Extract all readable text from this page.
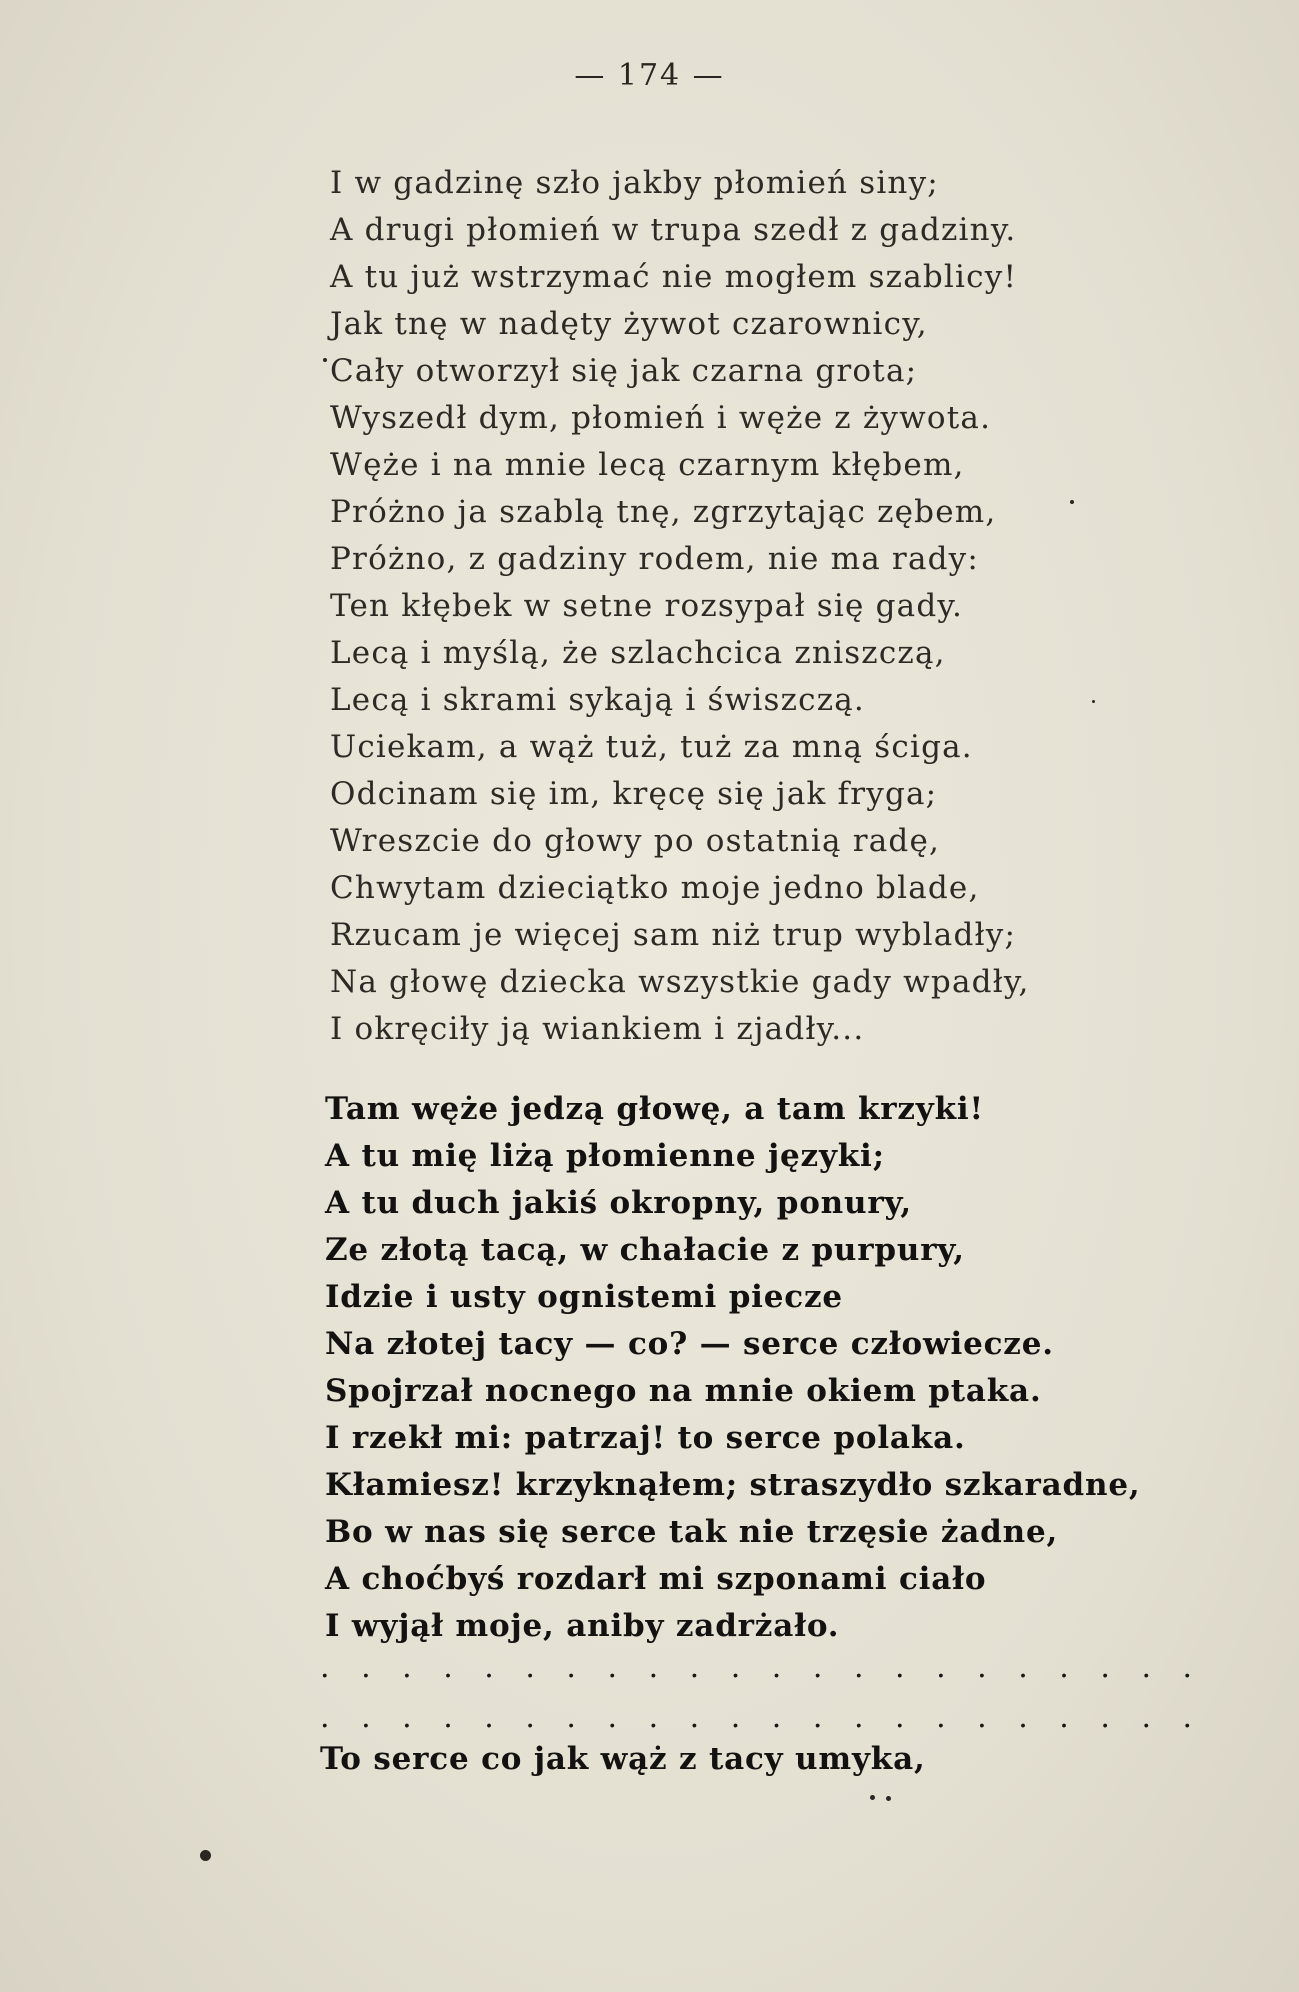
— 174 —
I w gadzinę szło jakby płomień siny;
A drugi płomień w trupa szedł z gadziny.
A tu już wstrzymać nie mogłem szablicy!
Jak tnę w nadęty żywot czarownicy,
Cały otworzył się jak czarna grota;
Wyszedł dym, płomień i węże z żywota.
Węże i na mnie lecą czarnym kłębem,
Próżno ja szablą tnę, zgrzytając zębem,
Próżno, z gadziny rodem, nie ma rady:
Ten kłębek w setne rozsypał się gady.
Lecą i myślą, że szlachcica zniszczą,
Lecą i skrami sykają i świszczą.
Uciekam, a wąż tuż, tuż za mną ściga.
Odcinam się im, kręcę się jak fryga;
Wreszcie do głowy po ostatnią radę,
Chwytam dzieciątko moje jedno blade,
Rzucam je więcej sam niż trup wybladły;
Na głowę dziecka wszystkie gady wpadły,
I okręciły ją wiankiem i zjadły...
Tam węże jedzą głowę, a tam krzyki!
A tu mię liżą płomienne języki;
A tu duch jakiś okropny, ponury,
Ze złotą tacą, w chałacie z purpury,
Idzie i usty ognistemi piecze
Na złotej tacy — co? — serce człowiecze.
Spojrzał nocnego na mnie okiem ptaka.
I rzekł mi: patrzaj! to serce polaka.
Kłamiesz! krzyknąłem; straszydło szkaradne,
Bo w nas się serce tak nie trzęsie żadne,
A choćbyś rozdarł mi szponami ciało
I wyjął moje, aniby zadrżało.
. . . . . . . . . . . . . . . . . . . . . .
. . . . . . . . . . . . . . . . . . . . . .
To serce co jak wąż z tacy umyka,
